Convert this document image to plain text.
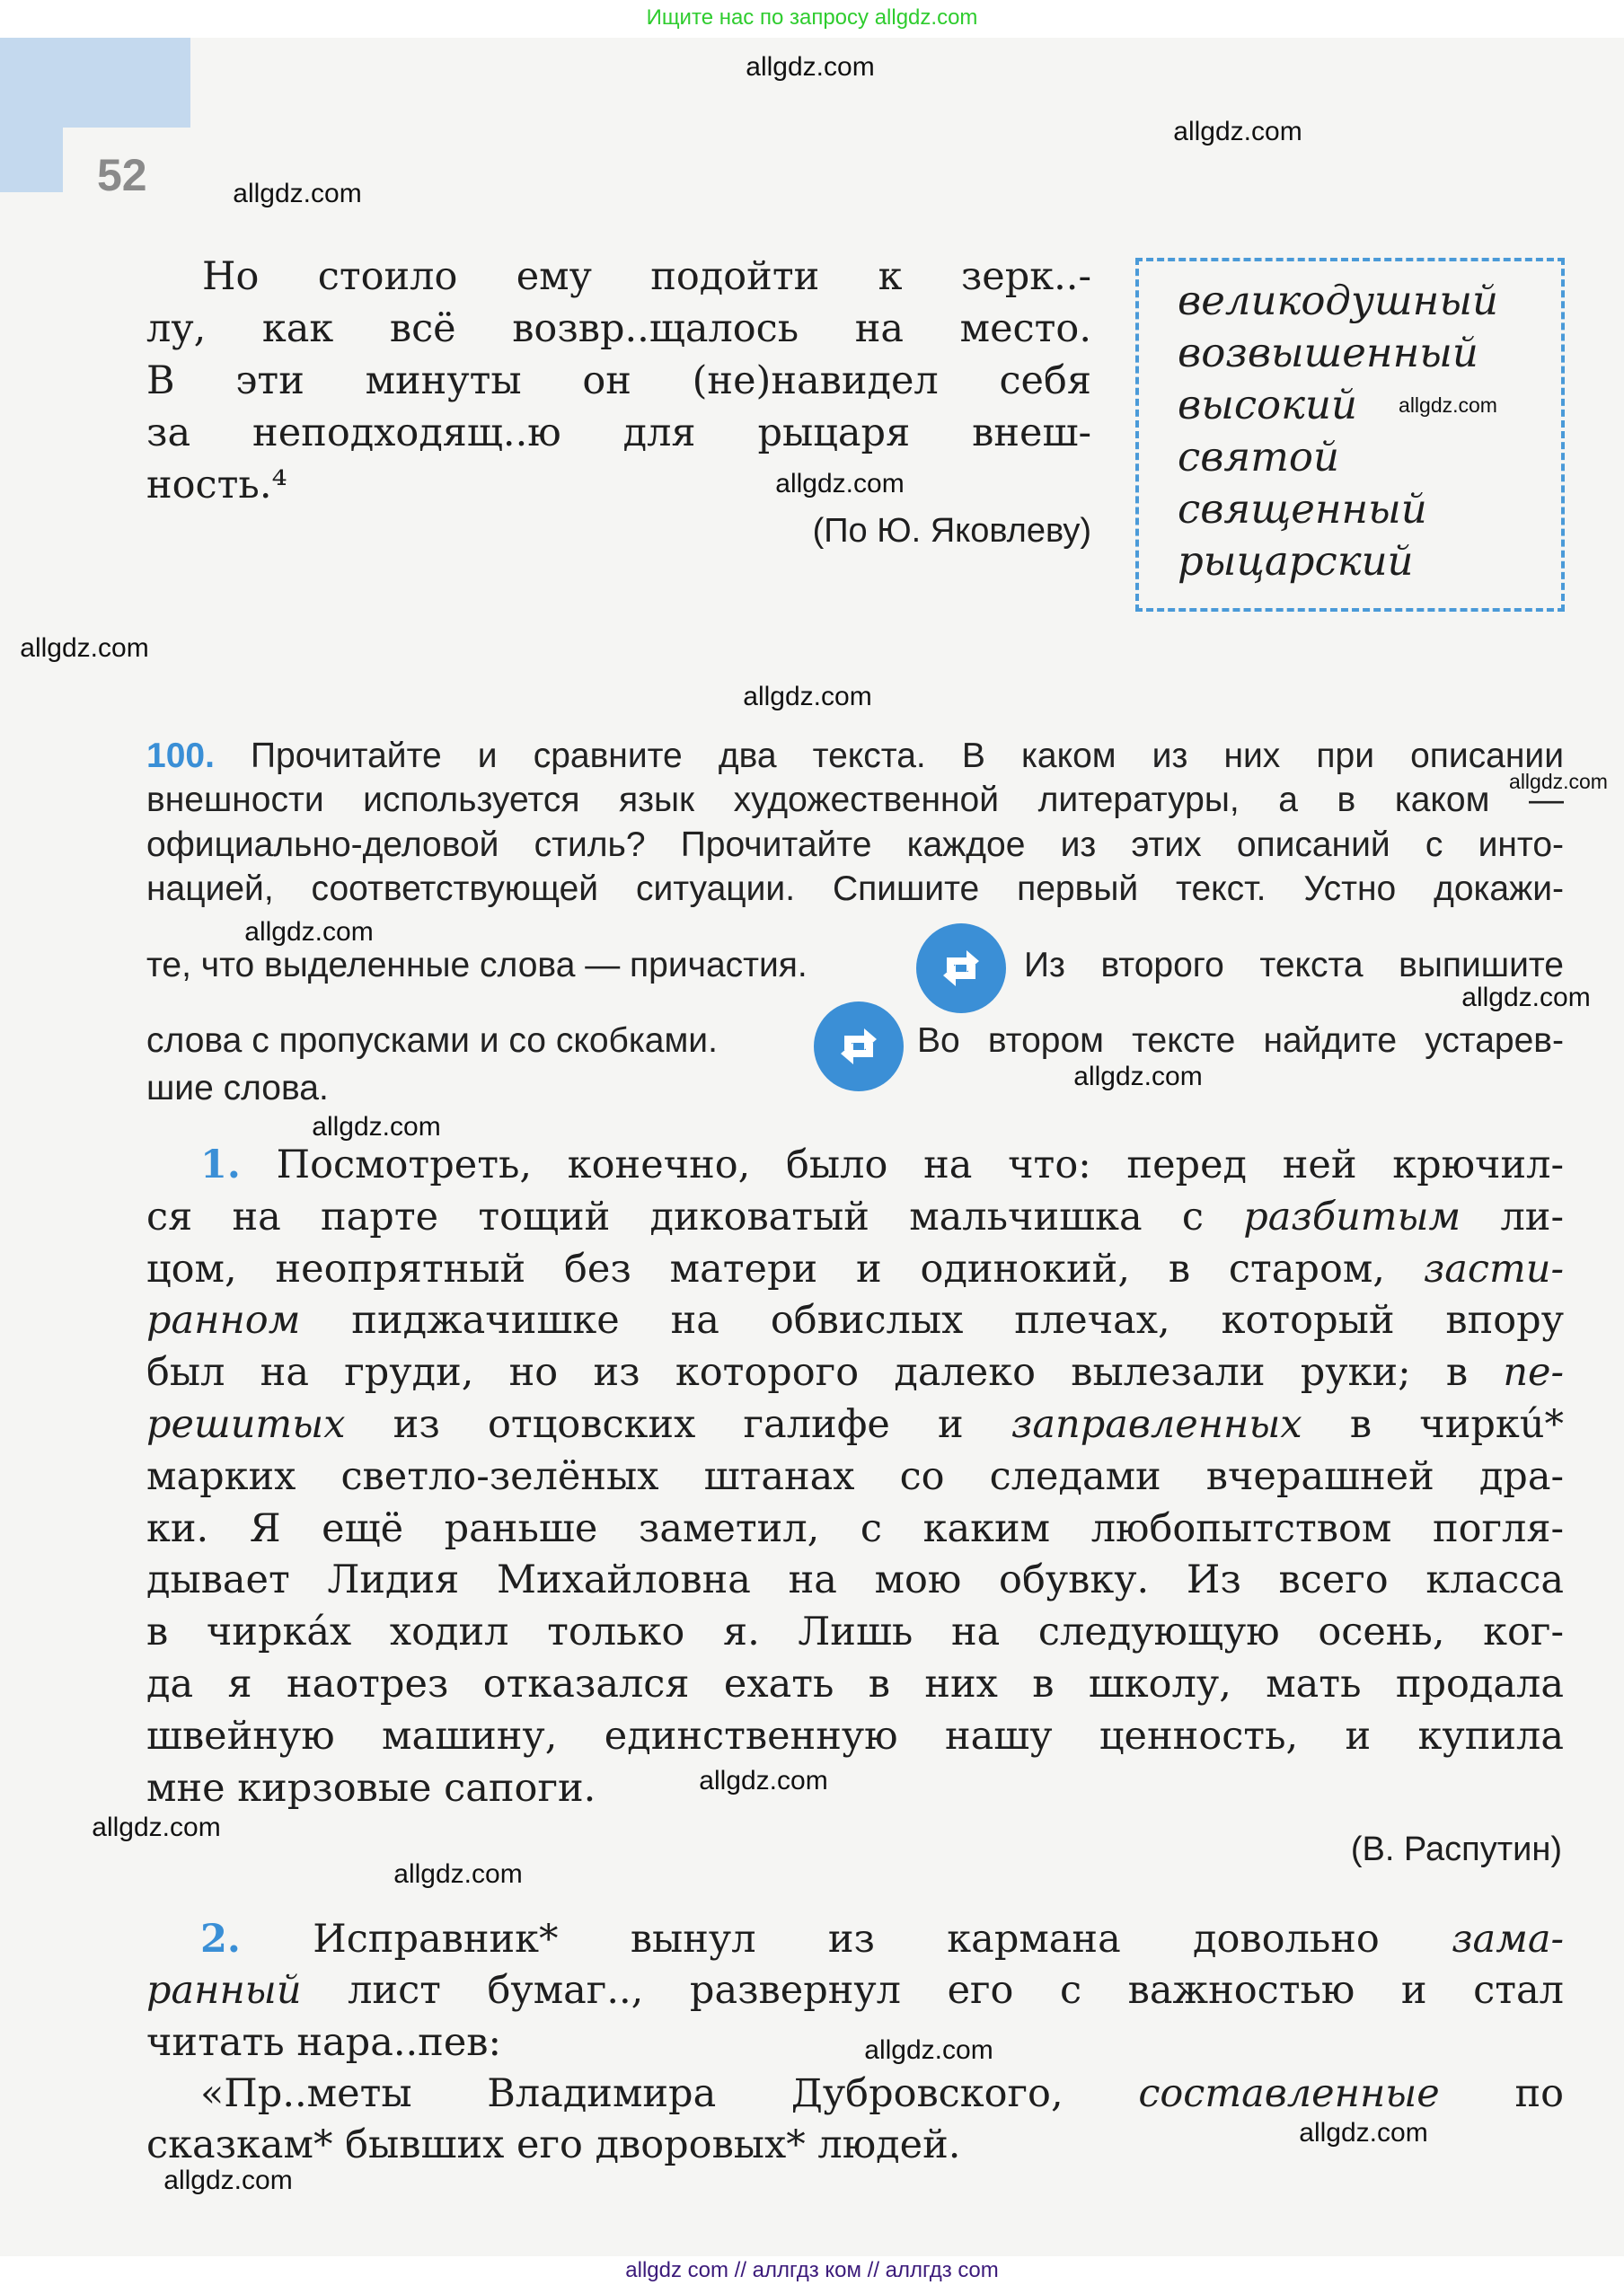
Ищите нас по запросу allgdz.com
52
Но стоило ему подойти к зерк..-
лу, как всё возвр..щалось на место.
В эти минуты он (не)навидел себя
за неподходящ..ю для рыцаря внеш-
ность.⁴
(По Ю. Яковлеву)
великодушный
возвышенный
высокий
святой
священный
рыцарский
100. Прочитайте и сравните два текста. В каком из них при описании
внешности используется язык художественной литературы, а в каком —
официально-деловой стиль? Прочитайте каждое из этих описаний с инто-
нацией, соответствующей ситуации. Спишите первый текст. Устно докажи-
те, что выделенные слова — причастия.	Из второго текста выпишите
слова с пропусками и со скобками.	Во втором тексте найдите устарев-
шие слова.
1. Посмотреть, конечно, было на что: перед ней крючил-
ся на парте тощий диковатый мальчишка с разбитым ли-
цом, неопрятный без матери и одинокий, в старом, засти-
ранном пиджачишке на обвислых плечах, который впору
был на груди, но из которого далеко вылезали руки; в пе-
решитых из отцовских галифе и заправленных в чиркú*
марких светло-зелёных штанах со следами вчерашней дра-
ки. Я ещё раньше заметил, с каким любопытством погля-
дывает Лидия Михайловна на мою обувку. Из всего класса
в чиркáх ходил только я. Лишь на следующую осень, ког-
да я наотрез отказался ехать в них в школу, мать продала
швейную машину, единственную нашу ценность, и купила
мне кирзовые сапоги.
(В. Распутин)
2. Исправник* вынул из кармана довольно зама-
ранный лист бумаг.., развернул его с важностью и стал
читать нара..пев:
«Пр..меты Владимира Дубровского, составленные по
сказкам* бывших его дворовых* людей.
allgdz.com
allgdz.com
allgdz.com
allgdz.com
allgdz.com
allgdz.com
allgdz.com
allgdz.com
allgdz.com
allgdz.com
allgdz.com
allgdz.com
allgdz.com
allgdz.com
allgdz.com
allgdz.com
allgdz.com
allgdz.com
allgdz com // аллгдз ком // аллгдз com
